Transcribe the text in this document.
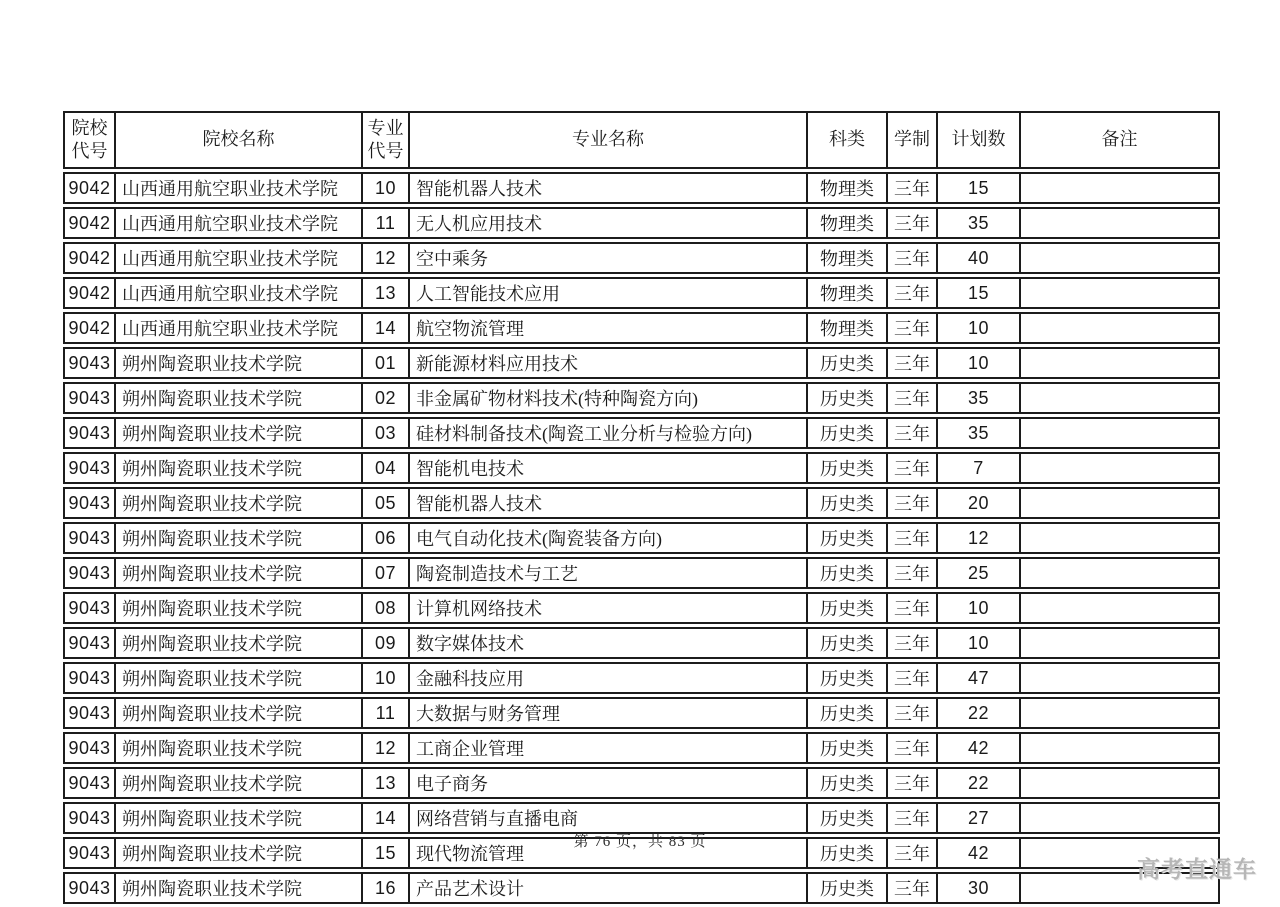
院校代号	院校名称	专业代号	专业名称	科类	学制	计划数	备注
9042	山西通用航空职业技术学院	10	智能机器人技术	物理类	三年	15	
9042	山西通用航空职业技术学院	11	无人机应用技术	物理类	三年	35	
9042	山西通用航空职业技术学院	12	空中乘务	物理类	三年	40	
9042	山西通用航空职业技术学院	13	人工智能技术应用	物理类	三年	15	
9042	山西通用航空职业技术学院	14	航空物流管理	物理类	三年	10	
9043	朔州陶瓷职业技术学院	01	新能源材料应用技术	历史类	三年	10	
9043	朔州陶瓷职业技术学院	02	非金属矿物材料技术(特种陶瓷方向)	历史类	三年	35	
9043	朔州陶瓷职业技术学院	03	硅材料制备技术(陶瓷工业分析与检验方向)	历史类	三年	35	
9043	朔州陶瓷职业技术学院	04	智能机电技术	历史类	三年	7	
9043	朔州陶瓷职业技术学院	05	智能机器人技术	历史类	三年	20	
9043	朔州陶瓷职业技术学院	06	电气自动化技术(陶瓷装备方向)	历史类	三年	12	
9043	朔州陶瓷职业技术学院	07	陶瓷制造技术与工艺	历史类	三年	25	
9043	朔州陶瓷职业技术学院	08	计算机网络技术	历史类	三年	10	
9043	朔州陶瓷职业技术学院	09	数字媒体技术	历史类	三年	10	
9043	朔州陶瓷职业技术学院	10	金融科技应用	历史类	三年	47	
9043	朔州陶瓷职业技术学院	11	大数据与财务管理	历史类	三年	22	
9043	朔州陶瓷职业技术学院	12	工商企业管理	历史类	三年	42	
9043	朔州陶瓷职业技术学院	13	电子商务	历史类	三年	22	
9043	朔州陶瓷职业技术学院	14	网络营销与直播电商	历史类	三年	27	
9043	朔州陶瓷职业技术学院	15	现代物流管理	历史类	三年	42	
9043	朔州陶瓷职业技术学院	16	产品艺术设计	历史类	三年	30	
第 76 页，共 83 页
高考直通车
